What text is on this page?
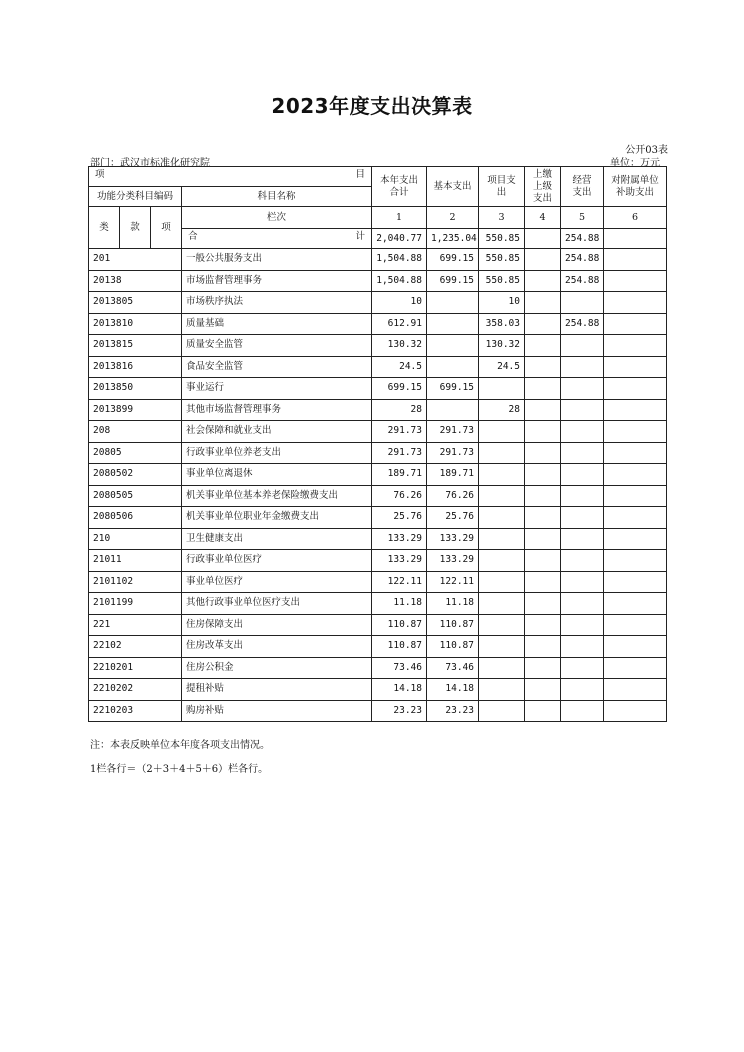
2023年度支出决算表
公开03表
部门：武汉市标准化研究院	单位：万元
项 目				本年支出合计	基本支出	项目支出	上缴上级支出	经营支出	对附属单位补助支出
功能分类科目编码			科目名称						
类	款	项	栏次	1	2	3	4	5	6

			合 计	2,040.77	1,235.04	550.85		254.88	
201			一般公共服务支出	1,504.88	699.15	550.85		254.88	
20138			市场监督管理事务	1,504.88	699.15	550.85		254.88	
2013805			市场秩序执法	10		10			
2013810			质量基础	612.91		358.03		254.88	
2013815			质量安全监管	130.32		130.32			
2013816			食品安全监管	24.5		24.5			
2013850			事业运行	699.15	699.15				
2013899			其他市场监督管理事务	28		28			
208			社会保障和就业支出	291.73	291.73				
20805			行政事业单位养老支出	291.73	291.73				
2080502			事业单位离退休	189.71	189.71				
2080505			机关事业单位基本养老保险缴费支出	76.26	76.26				
2080506			机关事业单位职业年金缴费支出	25.76	25.76				
210			卫生健康支出	133.29	133.29				
21011			行政事业单位医疗	133.29	133.29				
2101102			事业单位医疗	122.11	122.11				
2101199			其他行政事业单位医疗支出	11.18	11.18				
221			住房保障支出	110.87	110.87				
22102			住房改革支出	110.87	110.87				
2210201			住房公积金	73.46	73.46				
2210202			提租补贴	14.18	14.18				
2210203			购房补贴	23.23	23.23				
注：本表反映单位本年度各项支出情况。
1栏各行＝（2＋3＋4＋5＋6）栏各行。
